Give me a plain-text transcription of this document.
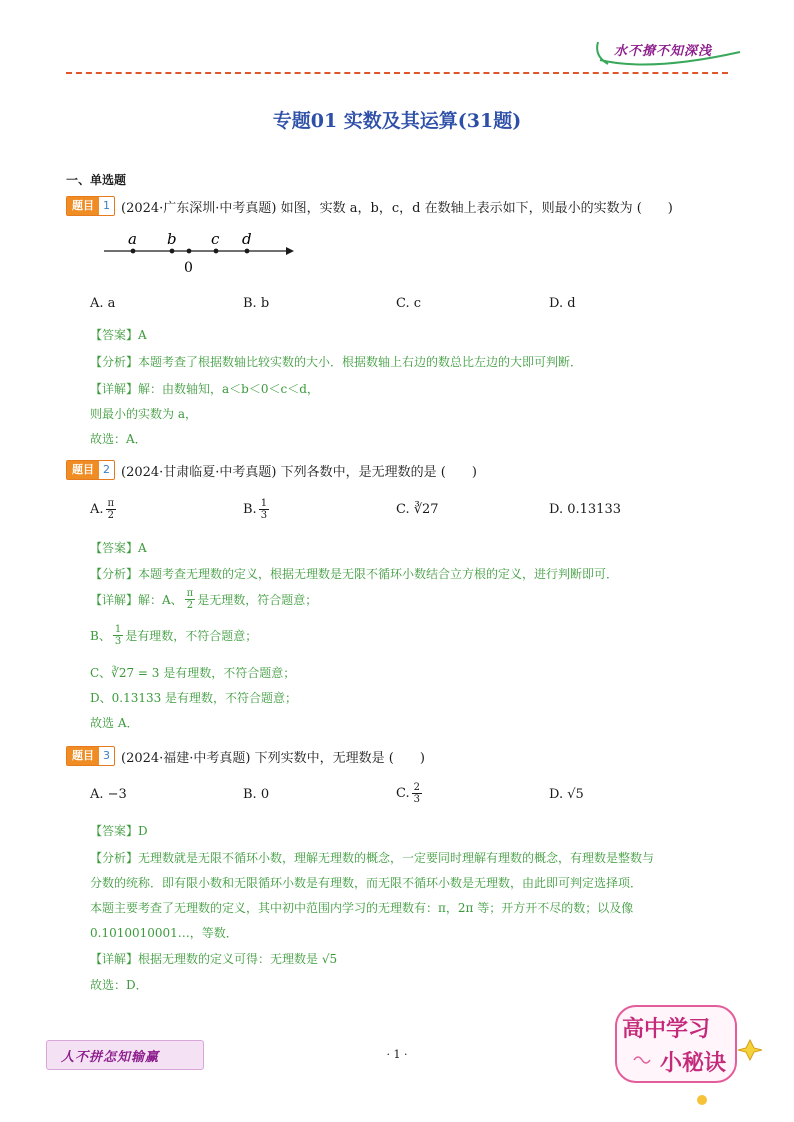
水不撩不知深浅
专题01 实数及其运算(31题)
一、单选题
题目 1 (2024·广东深圳·中考真题) 如图，实数 a，b，c，d 在数轴上表示如下，则最小的实数为 (　　)
a b c d
0
A. a	B. b	C. c	D. d
【答案】A
【分析】本题考查了根据数轴比较实数的大小．根据数轴上右边的数总比左边的大即可判断．
【详解】解：由数轴知，a＜b＜0＜c＜d，
则最小的实数为 a，
故选：A．
题目 2 (2024·甘肃临夏·中考真题) 下列各数中，是无理数的是 (　　)
A. $\frac{\pi}{2}$	B. $\frac{1}{3}$	C. ∛27	D. 0.13133
【答案】A
【分析】本题考查无理数的定义，根据无理数是无限不循环小数结合立方根的定义，进行判断即可．
【详解】解：A、 $\frac{\pi}{2}$ 是无理数，符合题意；
B、 $\frac{1}{3}$ 是有理数，不符合题意；
C、∛27 = 3 是有理数，不符合题意；
D、0.13133 是有理数，不符合题意；
故选 A．
题目 3 (2024·福建·中考真题) 下列实数中，无理数是 (　　)
A. −3	B. 0	C. $\frac{2}{3}$	D. √5
【答案】D
【分析】无理数就是无限不循环小数，理解无理数的概念，一定要同时理解有理数的概念，有理数是整数与
分数的统称．即有限小数和无限循环小数是有理数，而无限不循环小数是无理数，由此即可判定选择项．
本题主要考查了无理数的定义，其中初中范围内学习的无理数有：π，2π 等；开方开不尽的数；以及像
0.1010010001…，等数．
【详解】根据无理数的定义可得：无理数是 √5
故选：D．
人不拼怎知输赢	· 1 ·
高中学习
小秘诀
